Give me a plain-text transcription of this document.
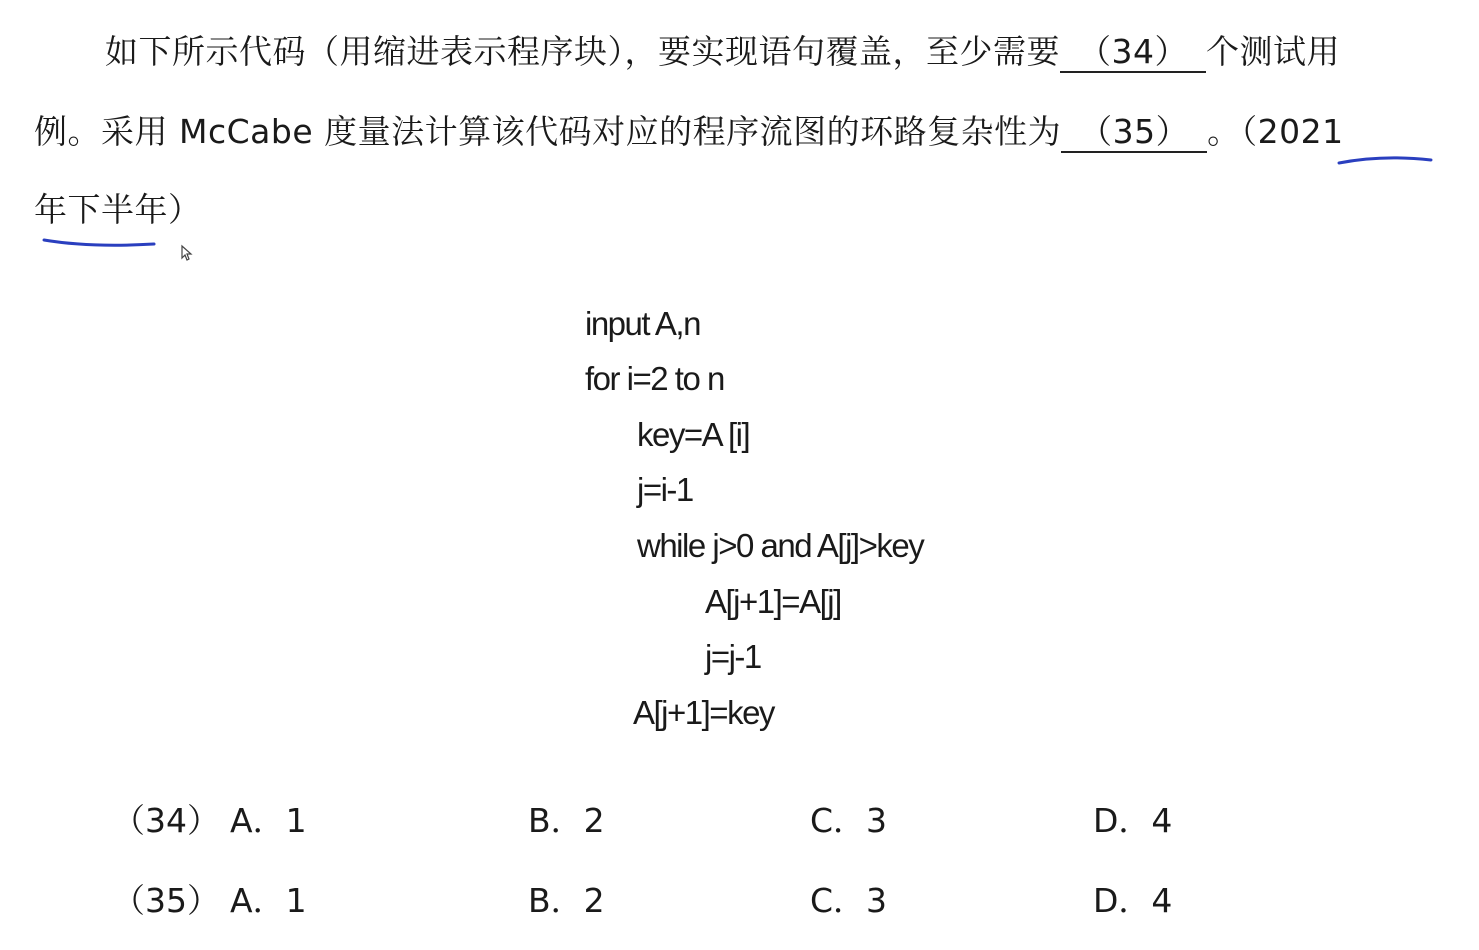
如下所示代码（用缩进表示程序块），要实现语句覆盖，至少需要 （34） 个测试用
例。采用 McCabe 度量法计算该代码对应的程序流图的环路复杂性为 （35） 。（2021
年下半年）
input A,n
for i=2 to n
key=A [i]
j=i-1
while j>0 and A[j]>key
A[j+1]=A[j]
j=j-1
A[j+1]=key
（34） A．1	B．2	C．3	D．4
（35） A．1	B．2	C．3	D．4
